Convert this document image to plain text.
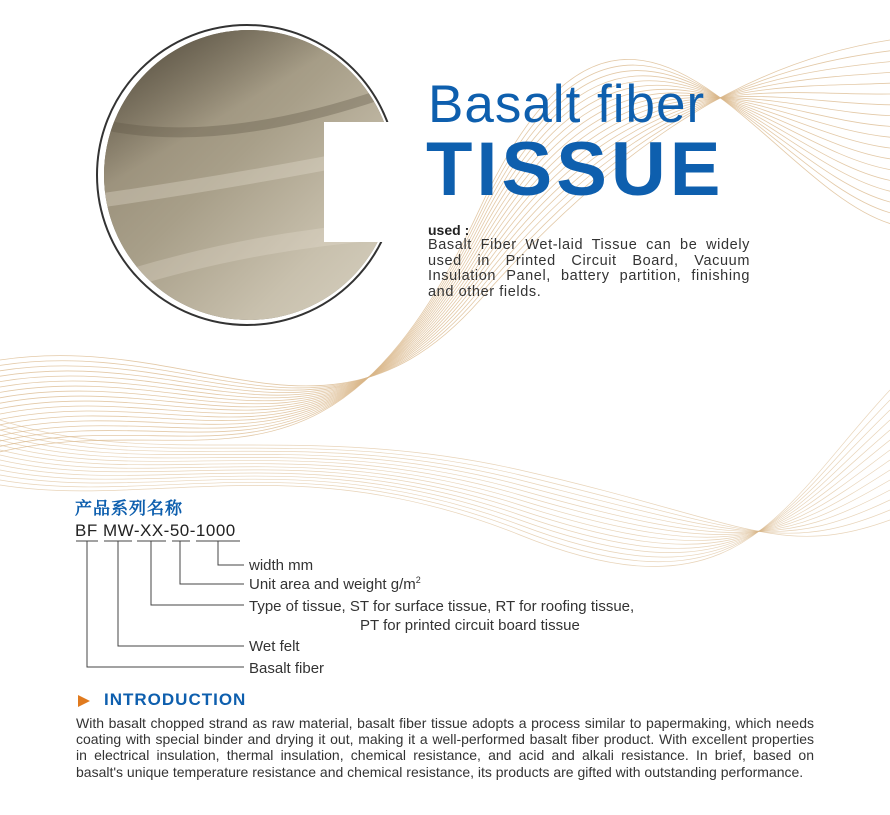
Basalt fiber
TISSUE
used :
Basalt Fiber Wet-laid Tissue can be widely used in Printed Circuit Board, Vacuum Insulation Panel, battery partition, finishing and other fields.
产品系列名称
BF MW-XX-50-1000
width mm
Unit area and weight $g/m^2$
Type of tissue, ST for surface tissue, RT for roofing tissue,
PT for printed circuit board tissue
Wet felt
Basalt fiber
INTRODUCTION
With basalt chopped strand as raw material, basalt fiber tissue adopts a process similar to papermaking, which needs coating with special binder and drying it out, making it a well-performed basalt fiber product. With excellent properties in electrical insulation, thermal insulation, chemical resistance, and acid and alkali resistance. In brief, based on basalt's unique temperature resistance and chemical resistance, its products are gifted with outstanding performance.
